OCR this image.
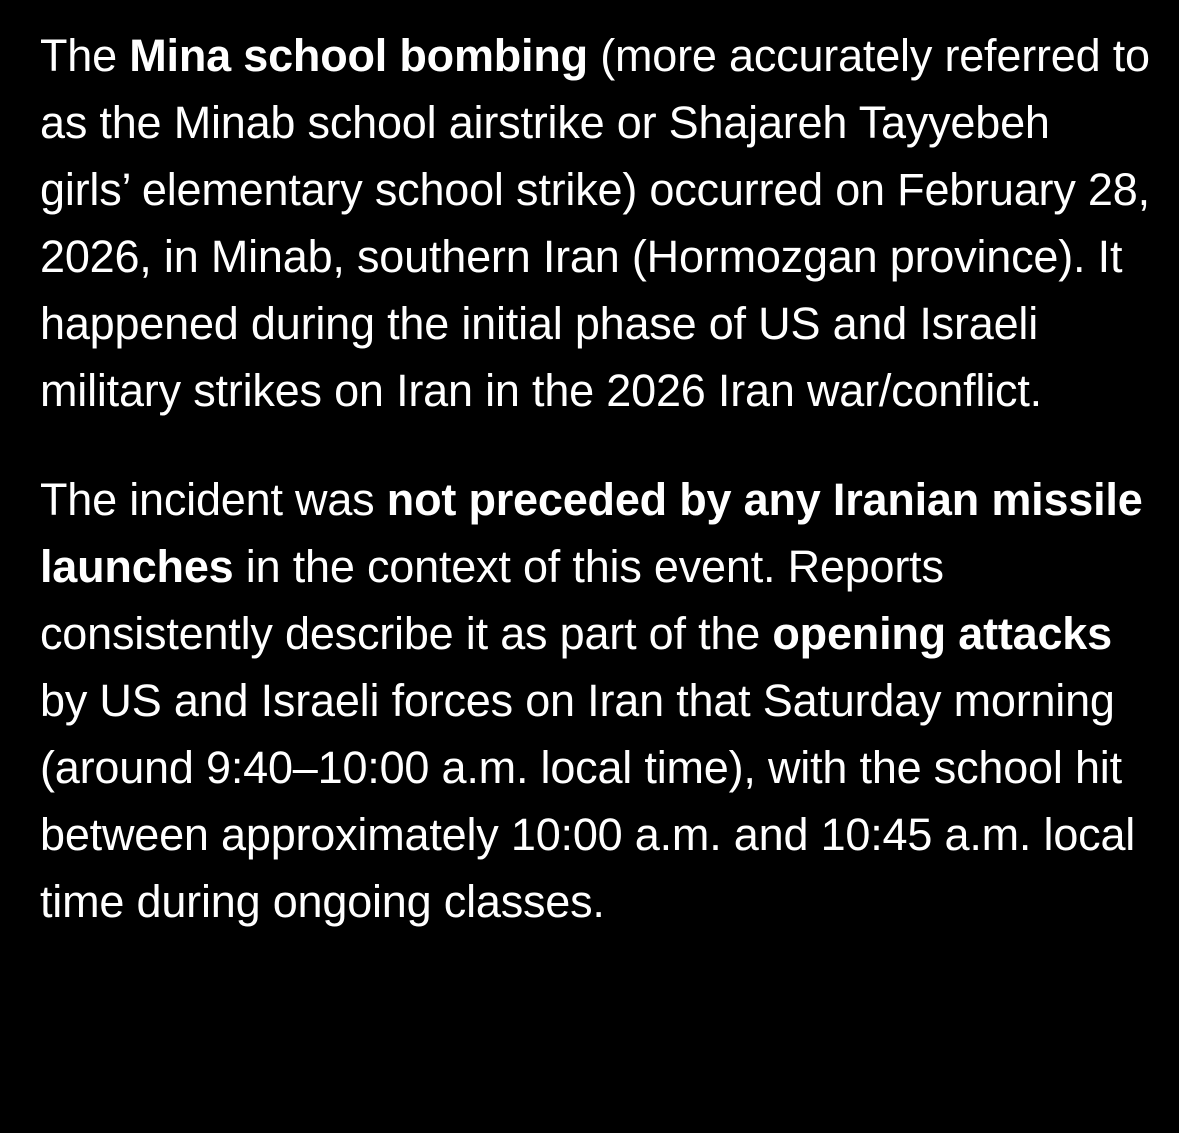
The Mina school bombing (more accurately referred to as the Minab school airstrike or Shajareh Tayyebeh girls’ elementary school strike) occurred on February 28, 2026, in Minab, southern Iran (Hormozgan province). It happened during the initial phase of US and Israeli military strikes on Iran in the 2026 Iran war/conflict.

The incident was not preceded by any Iranian missile launches in the context of this event. Reports consistently describe it as part of the opening attacks by US and Israeli forces on Iran that Saturday morning (around 9:40–10:00 a.m. local time), with the school hit between approximately 10:00 a.m. and 10:45 a.m. local time during ongoing classes.
